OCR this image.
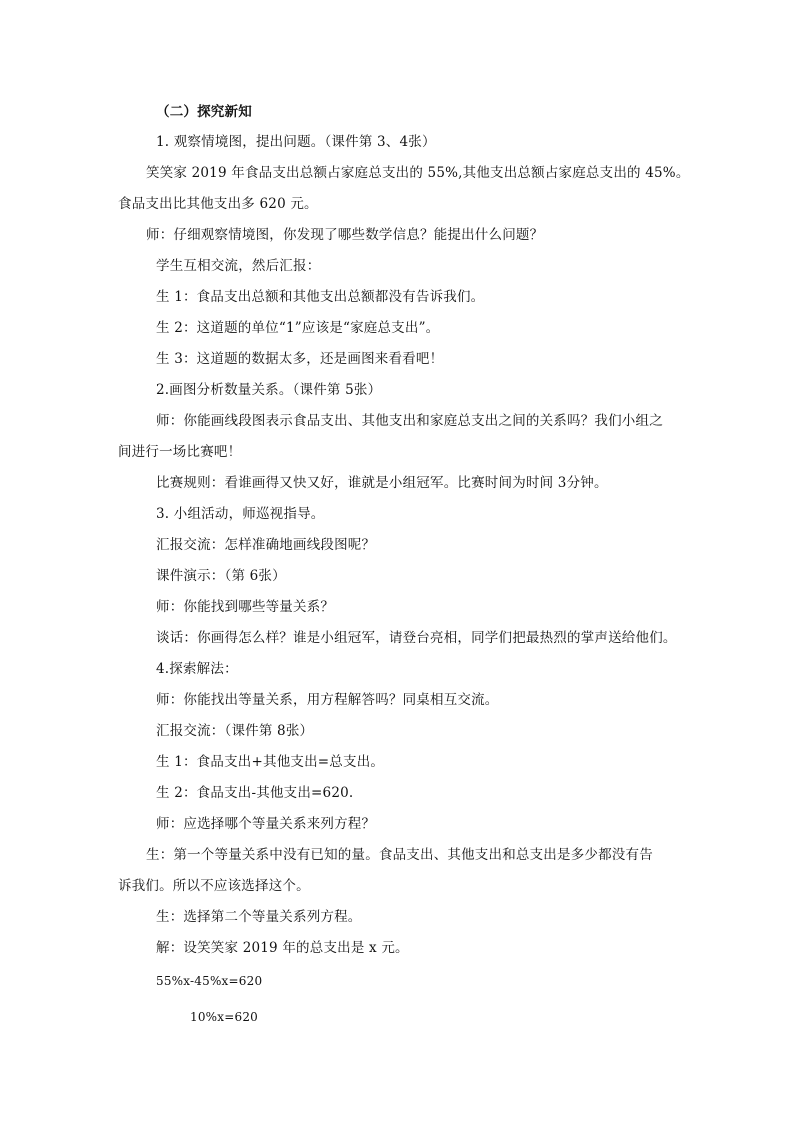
（二）探究新知
1. 观察情境图，提出问题。（课件第 3、4张）
笑笑家 2019 年食品支出总额占家庭总支出的 55%,其他支出总额占家庭总支出的 45%。
食品支出比其他支出多 620 元。
师：仔细观察情境图，你发现了哪些数学信息？能提出什么问题？
学生互相交流，然后汇报：
生 1：食品支出总额和其他支出总额都没有告诉我们。
生 2：这道题的单位“1”应该是“家庭总支出”。
生 3：这道题的数据太多，还是画图来看看吧！
2.画图分析数量关系。（课件第 5张）
师：你能画线段图表示食品支出、其他支出和家庭总支出之间的关系吗？我们小组之
间进行一场比赛吧！
比赛规则：看谁画得又快又好，谁就是小组冠军。比赛时间为时间 3分钟。
3. 小组活动，师巡视指导。
汇报交流：怎样准确地画线段图呢？
课件演示：（第 6张）
师：你能找到哪些等量关系？
谈话：你画得怎么样？谁是小组冠军，请登台亮相，同学们把最热烈的掌声送给他们。
4.探索解法：
师：你能找出等量关系，用方程解答吗？同桌相互交流。
汇报交流：（课件第 8张）
生 1：食品支出+其他支出=总支出。
生 2：食品支出-其他支出=620.
师：应选择哪个等量关系来列方程？
生：第一个等量关系中没有已知的量。食品支出、其他支出和总支出是多少都没有告
诉我们。所以不应该选择这个。
生：选择第二个等量关系列方程。
解：设笑笑家 2019 年的总支出是 x 元。
55%x-45%x=620
10%x=620
